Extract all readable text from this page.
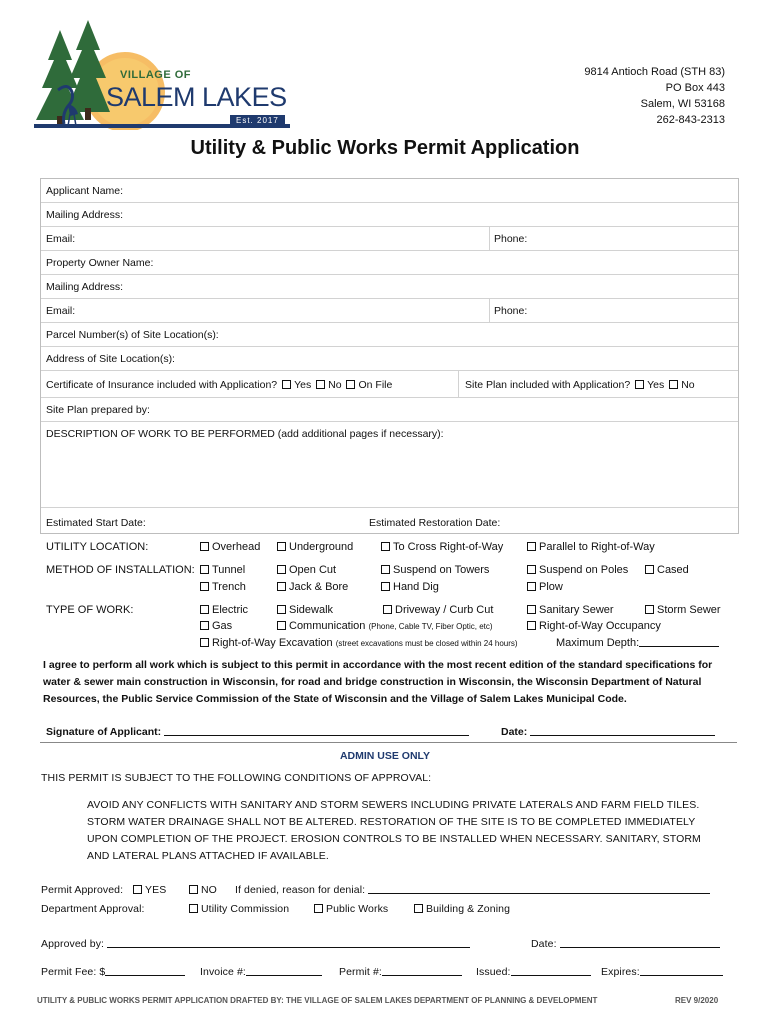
VILLAGE OF
SALEM LAKES
Est. 2017
9814 Antioch Road (STH 83)
PO Box 443
Salem, WI 53168
262-843-2313
Utility & Public Works Permit Application
Applicant Name:
Mailing Address:
Email:	Phone:
Property Owner Name:
Mailing Address:
Email:	Phone:
Parcel Number(s) of Site Location(s):
Address of Site Location(s):
Certificate of Insurance included with Application? Yes No On File	Site Plan included with Application? Yes No
Site Plan prepared by:
DESCRIPTION OF WORK TO BE PERFORMED (add additional pages if necessary):
Estimated Start Date:	Estimated Restoration Date:
UTILITY LOCATION:	Overhead	Underground	To Cross Right-of-Way	Parallel to Right-of-Way
METHOD OF INSTALLATION:	Tunnel	Open Cut	Suspend on Towers	Suspend on Poles	Cased
Trench	Jack & Bore	Hand Dig	Plow
TYPE OF WORK:	Electric	Sidewalk	Driveway / Curb Cut	Sanitary Sewer	Storm Sewer
Gas	Communication (Phone, Cable TV, Fiber Optic, etc)	Right-of-Way Occupancy
Right-of-Way Excavation (street excavations must be closed within 24 hours)	Maximum Depth:
I agree to perform all work which is subject to this permit in accordance with the most recent edition of the standard specifications for water & sewer main construction in Wisconsin, for road and bridge construction in Wisconsin, the Wisconsin Department of Natural Resources, the Public Service Commission of the State of Wisconsin and the Village of Salem Lakes Municipal Code.
Signature of Applicant:	Date:
ADMIN USE ONLY
THIS PERMIT IS SUBJECT TO THE FOLLOWING CONDITIONS OF APPROVAL:
AVOID ANY CONFLICTS WITH SANITARY AND STORM SEWERS INCLUDING PRIVATE LATERALS AND FARM FIELD TILES.
STORM WATER DRAINAGE SHALL NOT BE ALTERED. RESTORATION OF THE SITE IS TO BE COMPLETED IMMEDIATELY
UPON COMPLETION OF THE PROJECT. EROSION CONTROLS TO BE INSTALLED WHEN NECESSARY. SANITARY, STORM
AND LATERAL PLANS ATTACHED IF AVAILABLE.
Permit Approved:	YES	NO If denied, reason for denial:
Department Approval:	Utility Commission	Public Works	Building & Zoning
Approved by:	Date:
Permit Fee: $	Invoice #:	Permit #:	Issued:	Expires:
UTILITY & PUBLIC WORKS PERMIT APPLICATION DRAFTED BY: THE VILLAGE OF SALEM LAKES DEPARTMENT OF PLANNING & DEVELOPMENT	REV 9/2020
